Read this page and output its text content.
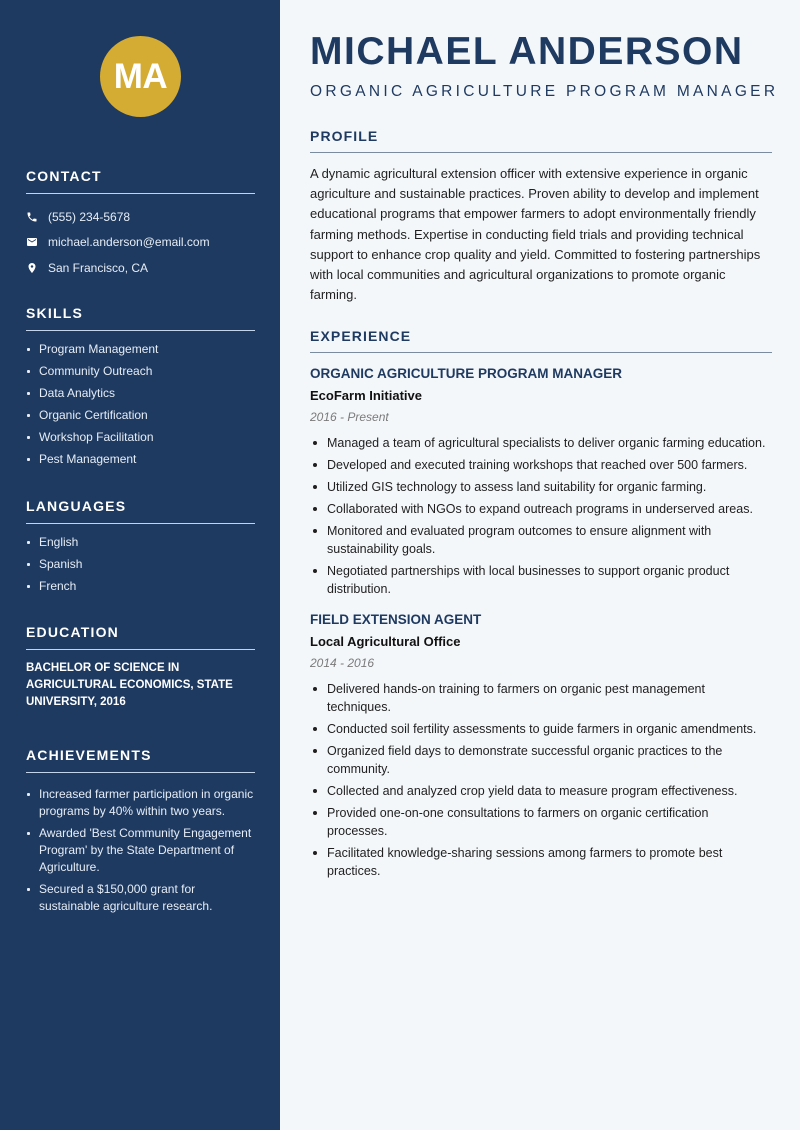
MA
CONTACT
(555) 234-5678
michael.anderson@email.com
San Francisco, CA
SKILLS
Program Management
Community Outreach
Data Analytics
Organic Certification
Workshop Facilitation
Pest Management
LANGUAGES
English
Spanish
French
EDUCATION
BACHELOR OF SCIENCE IN AGRICULTURAL ECONOMICS, STATE UNIVERSITY, 2016
ACHIEVEMENTS
Increased farmer participation in organic programs by 40% within two years.
Awarded 'Best Community Engagement Program' by the State Department of Agriculture.
Secured a $150,000 grant for sustainable agriculture research.
MICHAEL ANDERSON
ORGANIC AGRICULTURE PROGRAM MANAGER
PROFILE

A dynamic agricultural extension officer with extensive experience in organic agriculture and sustainable practices. Proven ability to develop and implement educational programs that empower farmers to adopt environmentally friendly farming methods. Expertise in conducting field trials and providing technical support to enhance crop quality and yield. Committed to fostering partnerships with local communities and agricultural organizations to promote organic farming.

EXPERIENCE
ORGANIC AGRICULTURE PROGRAM MANAGER
EcoFarm Initiative
2016 - Present
Managed a team of agricultural specialists to deliver organic farming education.
Developed and executed training workshops that reached over 500 farmers.
Utilized GIS technology to assess land suitability for organic farming.
Collaborated with NGOs to expand outreach programs in underserved areas.
Monitored and evaluated program outcomes to ensure alignment with sustainability goals.
Negotiated partnerships with local businesses to support organic product distribution.
FIELD EXTENSION AGENT
Local Agricultural Office
2014 - 2016
Delivered hands-on training to farmers on organic pest management techniques.
Conducted soil fertility assessments to guide farmers in organic amendments.
Organized field days to demonstrate successful organic practices to the community.
Collected and analyzed crop yield data to measure program effectiveness.
Provided one-on-one consultations to farmers on organic certification processes.
Facilitated knowledge-sharing sessions among farmers to promote best practices.
